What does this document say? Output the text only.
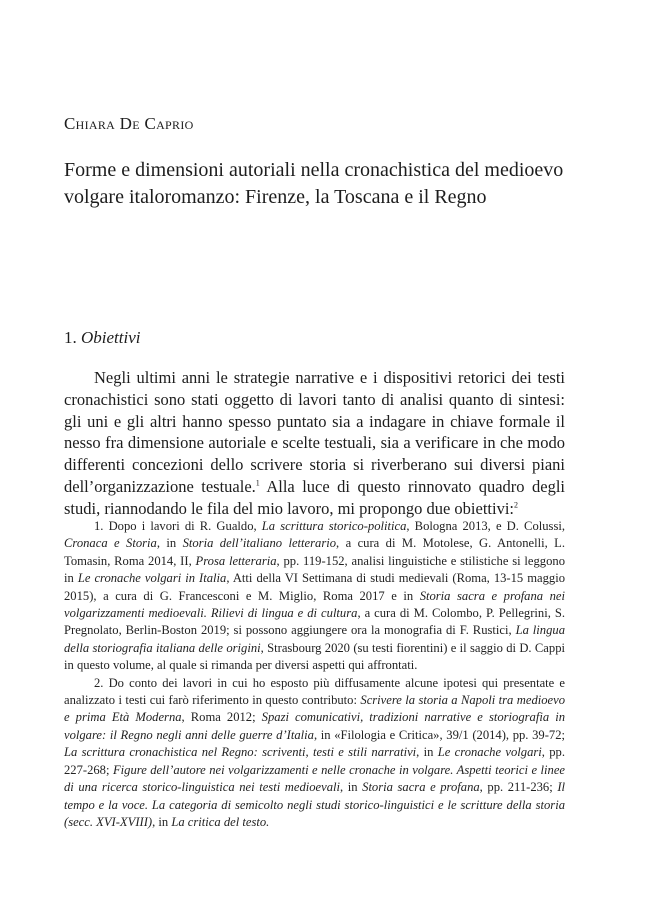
Chiara De Caprio
Forme e dimensioni autoriali nella cronachistica del medioevo volgare italoromanzo: Firenze, la Toscana e il Regno
1. Obiettivi

Negli ultimi anni le strategie narrative e i dispositivi retorici dei testi cronachistici sono stati oggetto di lavori tanto di analisi quanto di sintesi: gli uni e gli altri hanno spesso puntato sia a indagare in chiave formale il nesso fra dimensione autoriale e scelte testuali, sia a verificare in che modo differenti concezioni dello scrivere storia si riverberano sui diversi piani dell’organizzazione testuale.$^1$ Alla luce di questo rinnovato quadro degli studi, riannodando le fila del mio lavoro, mi propongo due obiettivi:$^2$

1. Dopo i lavori di R. Gualdo, La scrittura storico-politica, Bologna 2013, e D. Colussi, Cronaca e Storia, in Storia dell’italiano letterario, a cura di M. Motolese, G. Antonelli, L. Tomasin, Roma 2014, II, Prosa letteraria, pp. 119-152, analisi linguistiche e stilistiche si leggono in Le cronache volgari in Italia, Atti della VI Settimana di studi medievali (Roma, 13-15 maggio 2015), a cura di G. Francesconi e M. Miglio, Roma 2017 e in Storia sacra e profana nei volgarizzamenti medioevali. Rilievi di lingua e di cultura, a cura di M. Colombo, P. Pellegrini, S. Pregnolato, Berlin-Boston 2019; si possono aggiungere ora la monografia di F. Rustici, La lingua della storiografia italiana delle origini, Strasbourg 2020 (su testi fiorentini) e il saggio di D. Cappi in questo volume, al quale si rimanda per diversi aspetti qui affrontati.

2. Do conto dei lavori in cui ho esposto più diffusamente alcune ipotesi qui presentate e analizzato i testi cui farò riferimento in questo contributo: Scrivere la storia a Napoli tra medioevo e prima Età Moderna, Roma 2012; Spazi comunicativi, tradizioni narrative e storiografia in volgare: il Regno negli anni delle guerre d’Italia, in «Filologia e Critica», 39/1 (2014), pp. 39-72; La scrittura cronachistica nel Regno: scriventi, testi e stili narrativi, in Le cronache volgari, pp. 227-268; Figure dell’autore nei volgarizzamenti e nelle cronache in volgare. Aspetti teorici e linee di una ricerca storico-linguistica nei testi medioevali, in Storia sacra e profana, pp. 211-236; Il tempo e la voce. La categoria di semicolto negli studi storico-linguistici e le scritture della storia (secc. XVI-XVIII), in La critica del testo.
